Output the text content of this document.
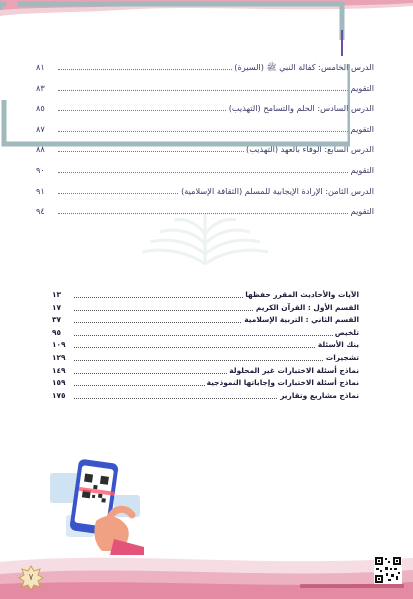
الدرس الخامس: كفالة النبي ﷺ (السيرة)
٨١
التقويم
٨٣
الدرس السادس: الحلم والتسامح (التهذيب)
٨٥
التقويم
٨٧
الدرس السابع: الوفاء بالعهد (التهذيب)
٨٨
التقويم
٩٠
الدرس الثامن: الإرادة الإيجابية للمسلم (الثقافة الإسلامية)
٩١
التقويم
٩٤
الآيات والأحاديث المقرر حفظها
١٣
القسم الأول : القرآن الكريم
١٧
القسم الثاني : التربية الإسلامية
٣٧
تلخيص
٩٥
بنك الأسئلة
١٠٩
تشجيرات
١٢٩
نماذج أسئلة الاختبارات غير المحلولة
١٤٩
نماذج أسئلة الاختبارات وإجاباتها النموذجية
١٥٩
نماذج مشاريع وتقارير
١٧٥
٧
